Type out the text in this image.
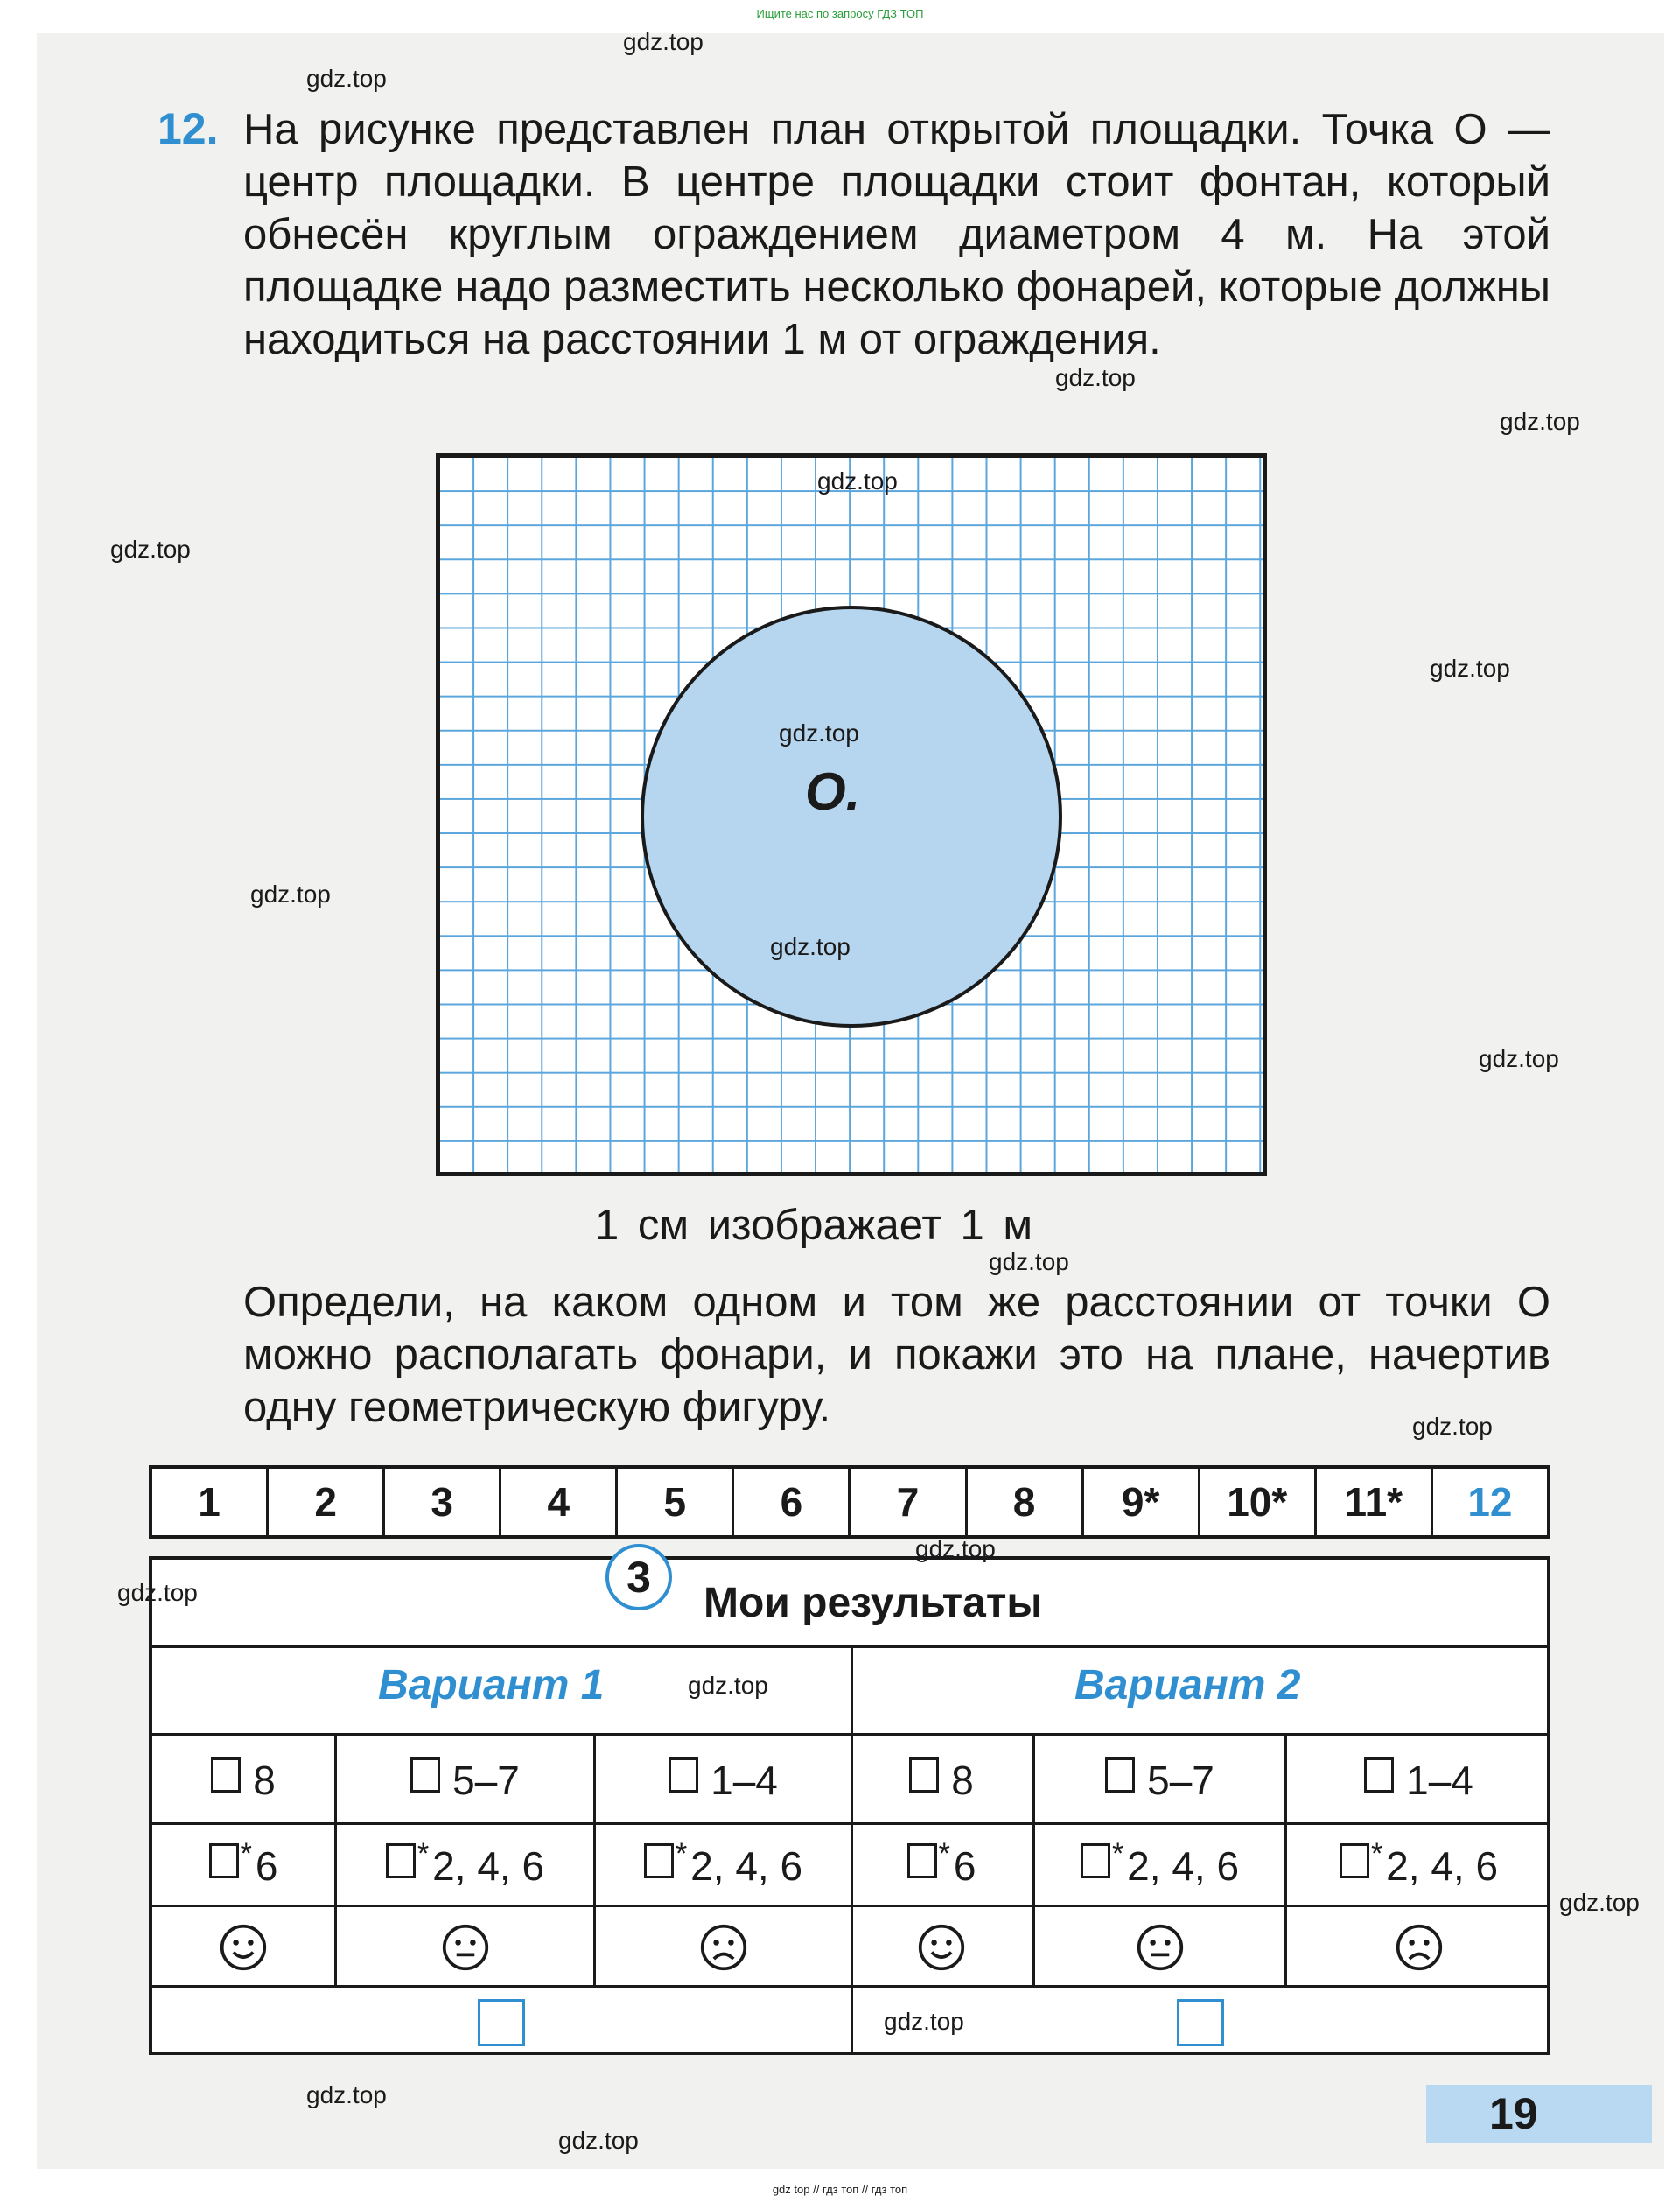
Ищите нас по запросу ГДЗ ТОП
12. На рисунке представлен план открытой площадки. Точка О — центр площадки. В центре площадки стоит фонтан, который обнесён круглым ограждением диаметром 4 м. На этой площадке надо разместить несколько фонарей, которые должны находиться на расстоянии 1 м от ограждения.
О.
1 см изображает 1 м
Определи, на каком одном и том же расстоянии от точки О можно располагать фонари, и покажи это на плане, начертив одну геометрическую фигуру.
1	2	3	4	5	6	7	8	9*	10*	11*	12
3
Мои результаты
Вариант 1	Вариант 2
8	5–7	1–4	8	5–7	1–4
* 6	* 2, 4, 6	* 2, 4, 6	* 6	* 2, 4, 6	* 2, 4, 6
19
gdz.top
gdz.top
gdz.top
gdz.top
gdz.top
gdz.top
gdz.top
gdz.top
gdz.top
gdz.top
gdz.top
gdz.top
gdz.top
gdz.top
gdz.top
gdz.top
gdz.top
gdz.top
gdz.top
gdz.top
gdz top // гдз топ // гдз топ
